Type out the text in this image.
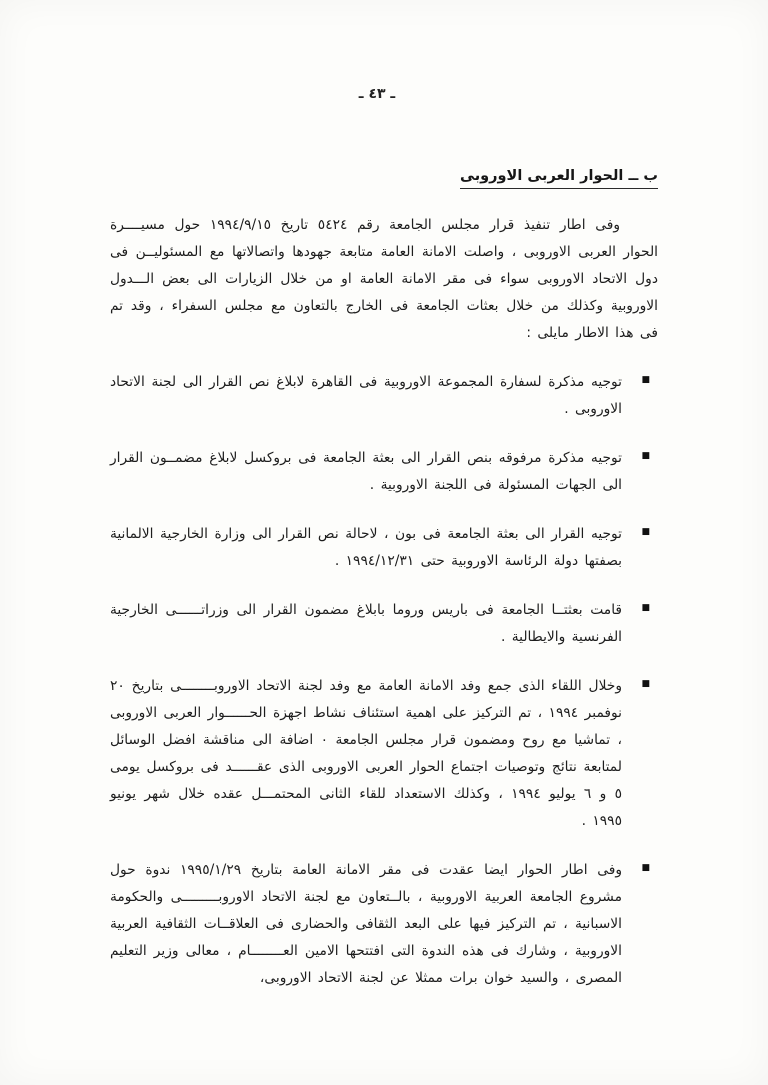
ـ ٤٣ ـ
ب ــ الحوار العربى الاوروبى
وفى اطار تنفيذ قرار مجلس الجامعة رقم ٥٤٢٤ تاريخ ١٩٩٤/٩/١٥ حول مسيــــرة الحوار العربى الاوروبى ، واصلت الامانة العامة متابعة جهودها واتصالاتها مع المسئوليــن فى دول الاتحاد الاوروبى سواء فى مقر الامانة العامة او من خلال الزيارات الى بعض الـــدول الاوروبية وكذلك من خلال بعثات الجامعة فى الخارج بالتعاون مع مجلس السفراء ، وقد تم فى هذا الاطار مايلى :
■
توجيه مذكرة لسفارة المجموعة الاوروبية فى القاهرة لابلاغ نص القرار الى لجنة الاتحاد الاوروبى .
■
توجيه مذكرة مرفوقه بنص القرار الى بعثة الجامعة فى بروكسل لابلاغ مضمــون القرار الى الجهات المسئولة فى اللجنة الاوروبية .
■
توجيه القرار الى بعثة الجامعة فى بون ، لاحالة نص القرار الى وزارة الخارجية الالمانية بصفتها دولة الرئاسة الاوروبية حتى ١٩٩٤/١٢/٣١ .
■
قامت بعثتــا الجامعة فى باريس وروما بابلاغ مضمون القرار الى وزراتــــــى الخارجية الفرنسية والايطالية .
■
وخلال اللقاء الذى جمع وفد الامانة العامة مع وفد لجنة الاتحاد الاوروبــــــــى بتاريخ ٢٠ نوفمبر ١٩٩٤ ، تم التركيز على اهمية استئناف نشاط اجهزة الحــــــوار العربى الاوروبى ، تماشيا مع روح ومضمون قرار مجلس الجامعة ۰ اضافة الى مناقشة افضل الوسائل لمتابعة نتائج وتوصيات اجتماع الحوار العربى الاوروبى الذى عقــــــد فى بروكسل يومى ٥ و ٦ يوليو ١٩٩٤ ، وكذلك الاستعداد للقاء الثانى المحتمـــل عقده خلال شهر يونيو ١٩٩٥ .
■
وفى اطار الحوار ايضا عقدت فى مقر الامانة العامة بتاريخ ١٩٩٥/١/٢٩ ندوة حول مشروع الجامعة العربية الاوروبية ، بالــتعاون مع لجنة الاتحاد الاوروبـــــــــى والحكومة الاسبانية ، تم التركيز فيها على البعد الثقافى والحضارى فى العلاقــات الثقافية العربية الاوروبية ، وشارك فى هذه الندوة التى افتتحها الامين العــــــــام ، معالى وزير التعليم المصرى ، والسيد خوان برات ممثلا عن لجنة الاتحاد الاوروبى،
